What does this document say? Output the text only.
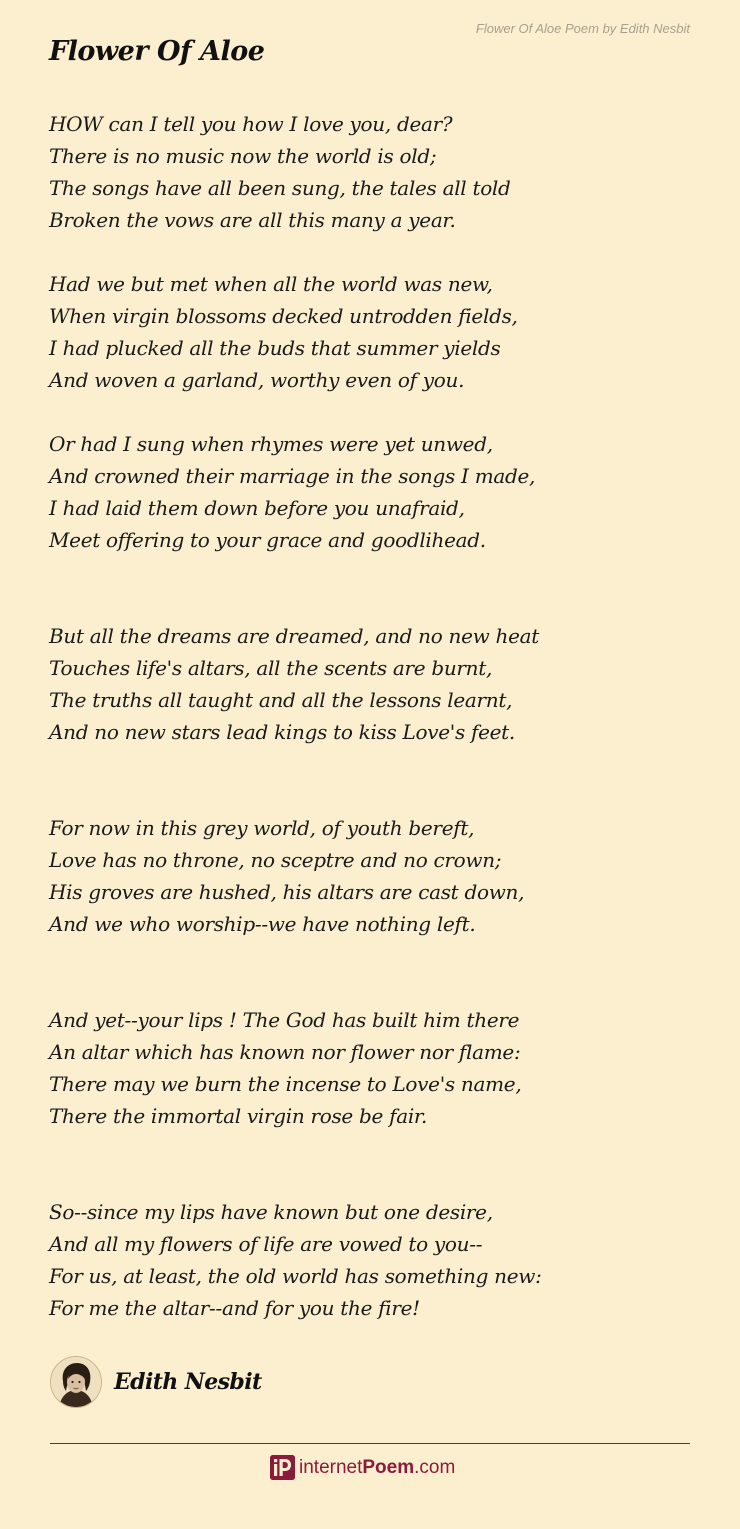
Flower Of Aloe Poem by Edith Nesbit
Flower Of Aloe
HOW can I tell you how I love you, dear?
There is no music now the world is old;
The songs have all been sung, the tales all told
Broken the vows are all this many a year.
Had we but met when all the world was new,
When virgin blossoms decked untrodden fields,
I had plucked all the buds that summer yields
And woven a garland, worthy even of you.
Or had I sung when rhymes were yet unwed,
And crowned their marriage in the songs I made,
I had laid them down before you unafraid,
Meet offering to your grace and goodlihead.
But all the dreams are dreamed, and no new heat
Touches life's altars, all the scents are burnt,
The truths all taught and all the lessons learnt,
And no new stars lead kings to kiss Love's feet.
For now in this grey world, of youth bereft,
Love has no throne, no sceptre and no crown;
His groves are hushed, his altars are cast down,
And we who worship--we have nothing left.
And yet--your lips ! The God has built him there
An altar which has known nor flower nor flame:
There may we burn the incense to Love's name,
There the immortal virgin rose be fair.
So--since my lips have known but one desire,
And all my flowers of life are vowed to you--
For us, at least, the old world has something new:
For me the altar--and for you the fire!
Edith Nesbit
internetPoem.com
